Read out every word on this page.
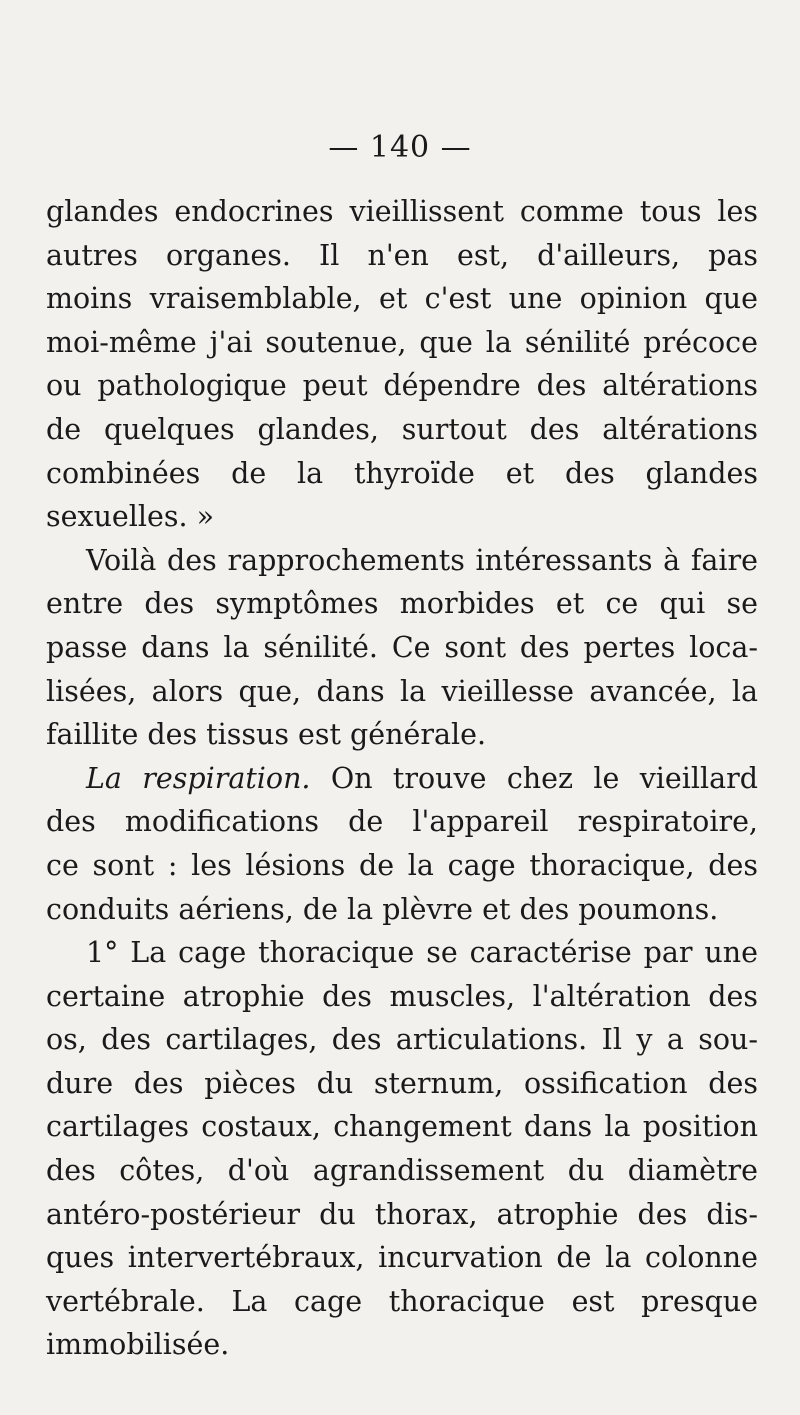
— 140 —
glandes endocrines vieillissent comme tous les
autres organes. Il n'en est, d'ailleurs, pas
moins vraisemblable, et c'est une opinion que
moi-même j'ai soutenue, que la sénilité précoce
ou pathologique peut dépendre des altérations
de quelques glandes, surtout des altérations
combinées de la thyroïde et des glandes
sexuelles. »
Voilà des rapprochements intéressants à faire
entre des symptômes morbides et ce qui se
passe dans la sénilité. Ce sont des pertes loca-
lisées, alors que, dans la vieillesse avancée, la
faillite des tissus est générale.
La respiration. On trouve chez le vieillard
des modifications de l'appareil respiratoire,
ce sont : les lésions de la cage thoracique, des
conduits aériens, de la plèvre et des poumons.
1° La cage thoracique se caractérise par une
certaine atrophie des muscles, l'altération des
os, des cartilages, des articulations. Il y a sou-
dure des pièces du sternum, ossification des
cartilages costaux, changement dans la position
des côtes, d'où agrandissement du diamètre
antéro-postérieur du thorax, atrophie des dis-
ques intervertébraux, incurvation de la colonne
vertébrale. La cage thoracique est presque
immobilisée.
